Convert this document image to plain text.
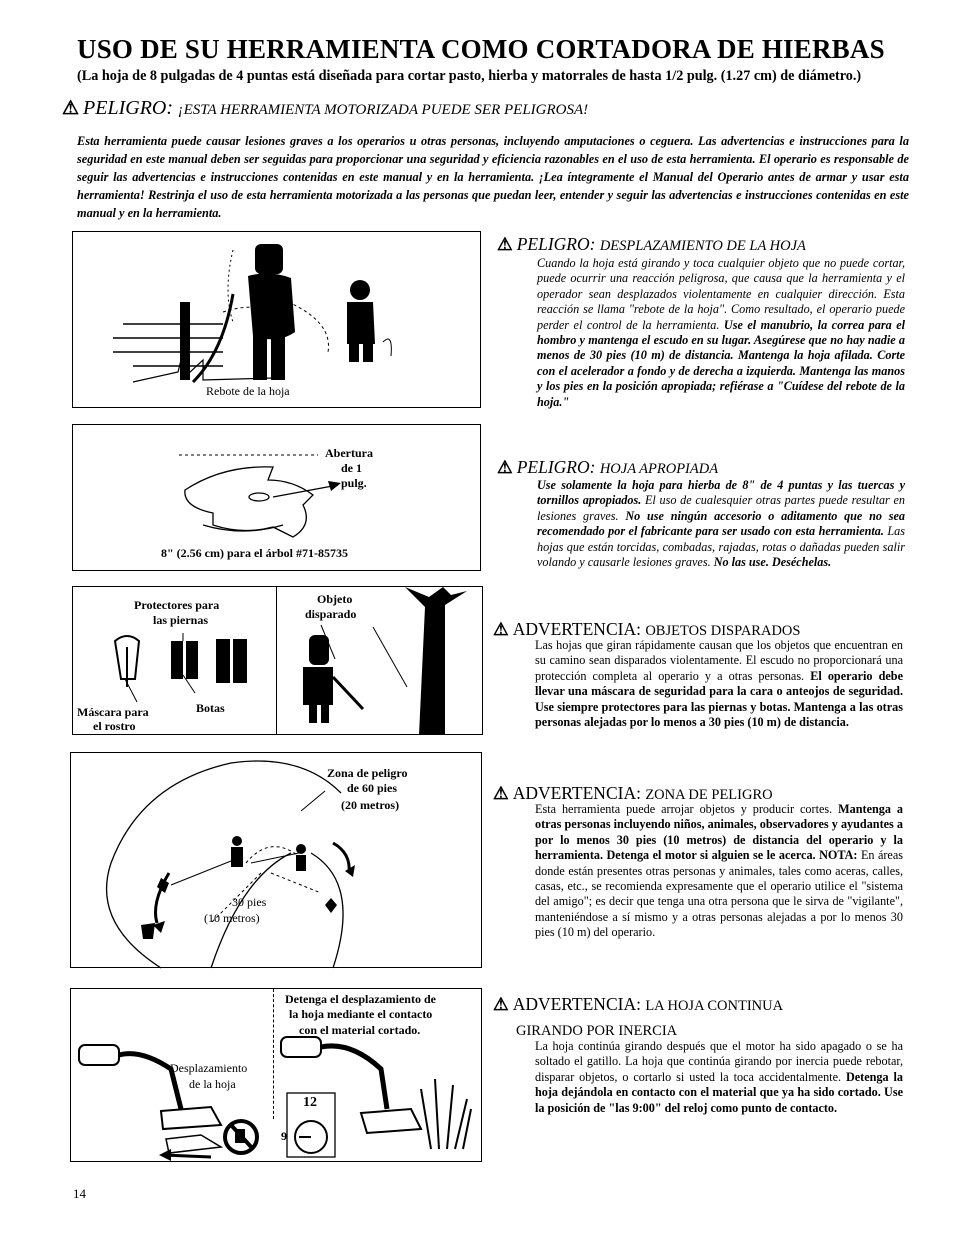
USO DE SU HERRAMIENTA COMO CORTADORA DE HIERBAS
(La hoja de 8 pulgadas de 4 puntas está diseñada para cortar pasto, hierba y matorrales de hasta 1/2 pulg. (1.27 cm) de diámetro.)
⚠ PELIGRO: ¡ESTA HERRAMIENTA MOTORIZADA PUEDE SER PELIGROSA!
Esta herramienta puede causar lesiones graves a los operarios u otras personas, incluyendo amputaciones o ceguera. Las advertencias e instrucciones para la seguridad en este manual deben ser seguidas para proporcionar una seguridad y eficiencia razonables en el uso de esta herramienta. El operario es responsable de seguir las advertencias e instrucciones contenidas en este manual y en la herramienta. ¡Lea íntegramente el Manual del Operario antes de armar y usar esta herramienta! Restrinja el uso de esta herramienta motorizada a las personas que puedan leer, entender y seguir las advertencias e instrucciones contenidas en este manual y en la herramienta.
Rebote de la hoja
Abertura
de 1
pulg.
8" (2.56 cm) para el árbol #71-85735
Protectores para
las piernas
Máscara para
el rostro
Botas
Objeto
disparado
Zona de peligro
de 60 pies
(20 metros)
30 pies
(10 metros)
Detenga el desplazamiento de
la hoja mediante el contacto
con el material cortado.
Desplazamiento
de la hoja
12
9
⚠ PELIGRO: DESPLAZAMIENTO DE LA HOJA
Cuando la hoja está girando y toca cualquier objeto que no puede cortar, puede ocurrir una reacción peligrosa, que causa que la herramienta y el operador sean desplazados violentamente en cualquier dirección. Esta reacción se llama "rebote de la hoja". Como resultado, el operario puede perder el control de la herramienta. Use el manubrio, la correa para el hombro y mantenga el escudo en su lugar. Asegúrese que no hay nadie a menos de 30 pies (10 m) de distancia. Mantenga la hoja afilada. Corte con el acelerador a fondo y de derecha a izquierda. Mantenga las manos y los pies en la posición apropiada; refiérase a "Cuídese del rebote de la hoja."
⚠ PELIGRO: HOJA APROPIADA
Use solamente la hoja para hierba de 8" de 4 puntas y las tuercas y tornillos apropiados. El uso de cualesquier otras partes puede resultar en lesiones graves. No use ningún accesorio o aditamento que no sea recomendado por el fabricante para ser usado con esta herramienta. Las hojas que están torcidas, combadas, rajadas, rotas o dañadas pueden salir volando y causarle lesiones graves. No las use. Deséchelas.
⚠ ADVERTENCIA: OBJETOS DISPARADOS
Las hojas que giran rápidamente causan que los objetos que encuentran en su camino sean disparados violentamente. El escudo no proporcionará una protección completa al operario y a otras personas. El operario debe llevar una máscara de seguridad para la cara o anteojos de seguridad. Use siempre protectores para las piernas y botas. Mantenga a las otras personas alejadas por lo menos a 30 pies (10 m) de distancia.
⚠ ADVERTENCIA: ZONA DE PELIGRO
Esta herramienta puede arrojar objetos y producir cortes. Mantenga a otras personas incluyendo niños, animales, observadores y ayudantes a por lo menos 30 pies (10 metros) de distancia del operario y la herramienta. Detenga el motor si alguien se le acerca. NOTA: En áreas donde están presentes otras personas y animales, tales como aceras, calles, casas, etc., se recomienda expresamente que el operario utilice el "sistema del amigo"; es decir que tenga una otra persona que le sirva de "vigilante", manteniéndose a sí mismo y a otras personas alejadas a por lo menos 30 pies (10 m) del operario.
⚠ ADVERTENCIA: LA HOJA CONTINUA
GIRANDO POR INERCIA
La hoja continúa girando después que el motor ha sido apagado o se ha soltado el gatillo. La hoja que continúa girando por inercia puede rebotar, disparar objetos, o cortarlo si usted la toca accidentalmente. Detenga la hoja dejándola en contacto con el material que ya ha sido cortado. Use la posición de "las 9:00" del reloj como punto de contacto.
14
